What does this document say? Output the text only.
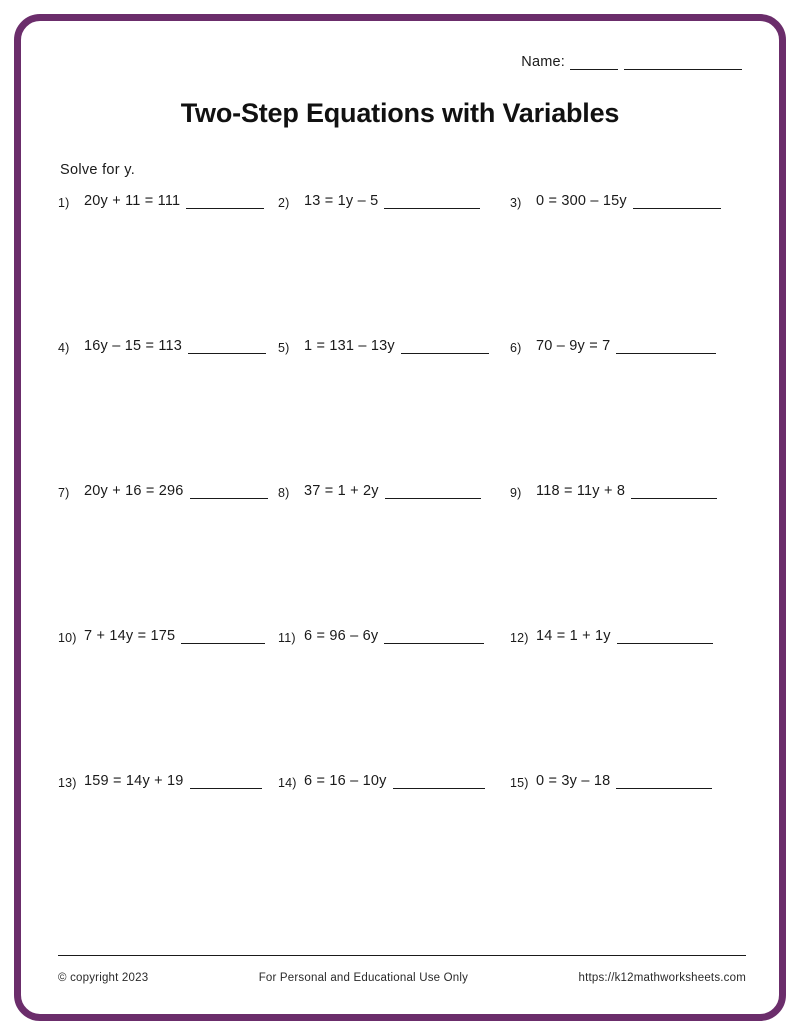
Name:
Two-Step Equations with Variables
Solve for y.
1) 20y + 11 = 111	2) 13 = 1y – 5	3) 0 = 300 – 15y
4) 16y – 15 = 113	5) 1 = 131 – 13y	6) 70 – 9y = 7
7) 20y + 16 = 296	8) 37 = 1 + 2y	9) 118 = 11y + 8
10) 7 + 14y = 175	11) 6 = 96 – 6y	12) 14 = 1 + 1y
13) 159 = 14y + 19	14) 6 = 16 – 10y	15) 0 = 3y – 18
© copyright 2023	For Personal and Educational Use Only	https://k12mathworksheets.com
